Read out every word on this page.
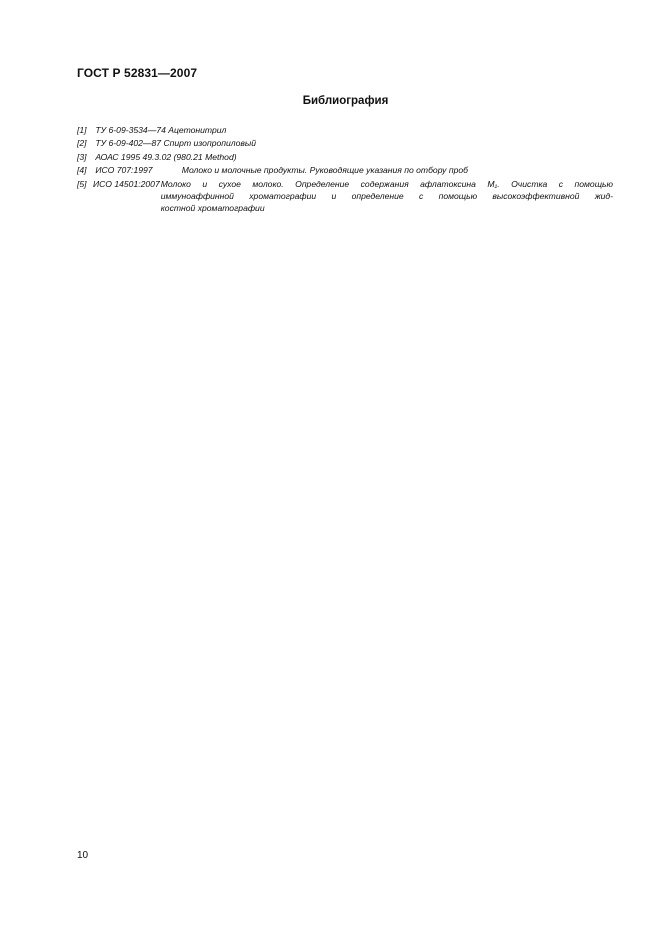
ГОСТ Р 52831—2007

Библиография
[1] ТУ 6-09-3534—74 Ацетонитрил
[2] ТУ 6-09-402—87 Спирт изопропиловый
[3] АОАС 1995 49.3.02 (980.21 Method)
[4] ИСО 707:1997	Молоко и молочные продукты. Руководящие указания по отбору проб
[5] ИСО 14501:2007 Молоко и сухое молоко. Определение содержания афлатоксина М₁. Очистка с помощью
иммуноаффинной хроматографии и определение с помощью высокоэффективной жид-
костной хроматографии

10
